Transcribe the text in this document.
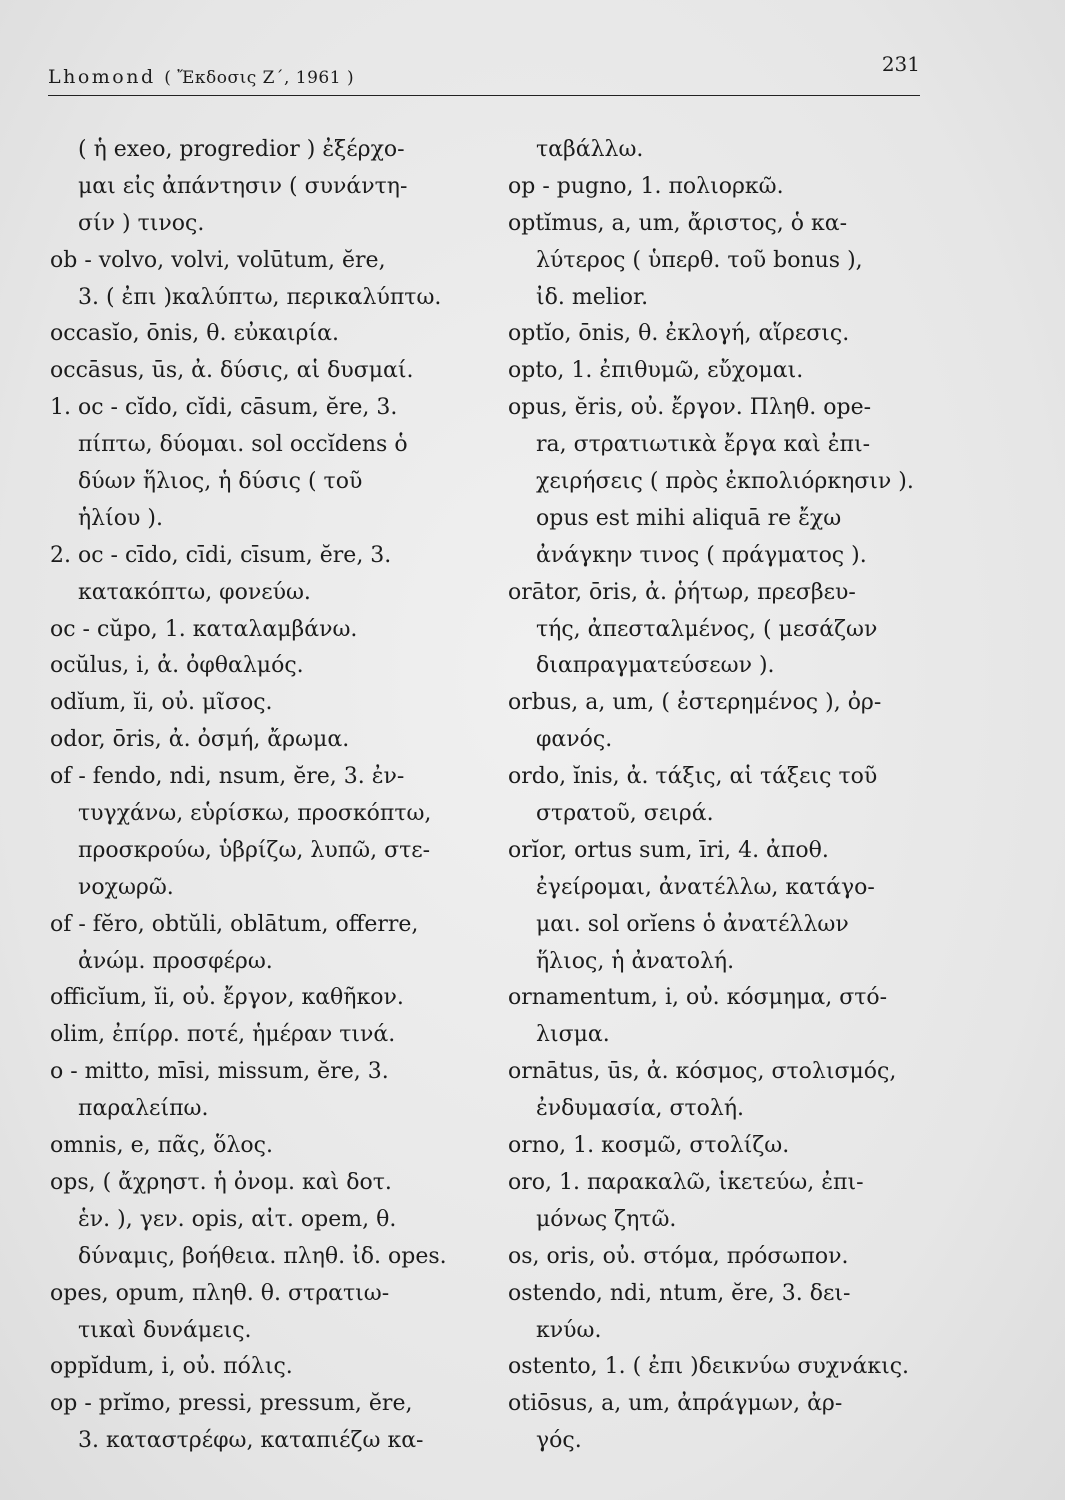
Lhomond ( Ἔκδοσις Ζ΄, 1961 )
231
( ἡ exeo, progredior ) ἐξέρχο-
μαι εἰς ἀπάντησιν ( συνάντη-
σίν ) τινος.
ob - volvo, volvi, volūtum, ĕre,
3. ( ἐπι )καλύπτω, περικαλύπτω.
occasĭo, ōnis, θ. εὐκαιρία.
occāsus, ūs, ἀ. δύσις, αἱ δυσμαί.
1. oc - cĭdo, cĭdi, cāsum, ĕre, 3.
πίπτω, δύομαι. sol occĭdens ὁ
δύων ἥλιος, ἡ δύσις ( τοῦ
ἡλίου ).
2. oc - cīdo, cīdi, cīsum, ĕre, 3.
κατακόπτω, φονεύω.
oc - cŭpo, 1. καταλαμβάνω.
ocŭlus, i, ἀ. ὀφθαλμός.
odĭum, ĭi, οὐ. μῖσος.
odor, ōris, ἀ. ὀσμή, ἄρωμα.
of - fendo, ndi, nsum, ĕre, 3. ἐν-
τυγχάνω, εὑρίσκω, προσκόπτω,
προσκρούω, ὑβρίζω, λυπῶ, στε-
νοχωρῶ.
of - fĕro, obtŭli, oblātum, offerre,
ἀνώμ. προσφέρω.
officĭum, ĭi, οὐ. ἔργον, καθῆκον.
olim, ἐπίρρ. ποτέ, ἡμέραν τινά.
o - mitto, mīsi, missum, ĕre, 3.
παραλείπω.
omnis, e, πᾶς, ὅλος.
ops, ( ἄχρηστ. ἡ ὀνομ. καὶ δοτ.
ἑν. ), γεν. opis, αἰτ. opem, θ.
δύναμις, βοήθεια. πληθ. ἰδ. opes.
opes, opum, πληθ. θ. στρατιω-
τικαὶ δυνάμεις.
oppĭdum, i, οὐ. πόλις.
op - prĭmo, pressi, pressum, ĕre,
3. καταστρέφω, καταπιέζω κα-
ταβάλλω.
op - pugno, 1. πολιορκῶ.
optĭmus, a, um, ἄριστος, ὁ κα-
λύτερος ( ὑπερθ. τοῦ bonus ),
ἰδ. melior.
optĭo, ōnis, θ. ἐκλογή, αἵρεσις.
opto, 1. ἐπιθυμῶ, εὔχομαι.
opus, ĕris, οὐ. ἔργον. Πληθ. ope-
ra, στρατιωτικὰ ἔργα καὶ ἐπι-
χειρήσεις ( πρὸς ἐκπολιόρκησιν ).
opus est mihi aliquā re ἔχω
ἀνάγκην τινος ( πράγματος ).
orātor, ōris, ἀ. ῥήτωρ, πρεσβευ-
τής, ἀπεσταλμένος, ( μεσάζων
διαπραγματεύσεων ).
orbus, a, um, ( ἐστερημένος ), ὀρ-
φανός.
ordo, ĭnis, ἀ. τάξις, αἱ τάξεις τοῦ
στρατοῦ, σειρά.
orĭor, ortus sum, īri, 4. ἀποθ.
ἐγείρομαι, ἀνατέλλω, κατάγο-
μαι. sol orĭens ὁ ἀνατέλλων
ἥλιος, ἡ ἀνατολή.
ornamentum, i, οὐ. κόσμημα, στό-
λισμα.
ornātus, ūs, ἀ. κόσμος, στολισμός,
ἐνδυμασία, στολή.
orno, 1. κοσμῶ, στολίζω.
oro, 1. παρακαλῶ, ἱκετεύω, ἐπι-
μόνως ζητῶ.
os, oris, οὐ. στόμα, πρόσωπον.
ostendo, ndi, ntum, ĕre, 3. δει-
κνύω.
ostento, 1. ( ἐπι )δεικνύω συχνάκις.
otiōsus, a, um, ἀπράγμων, ἀρ-
γός.
